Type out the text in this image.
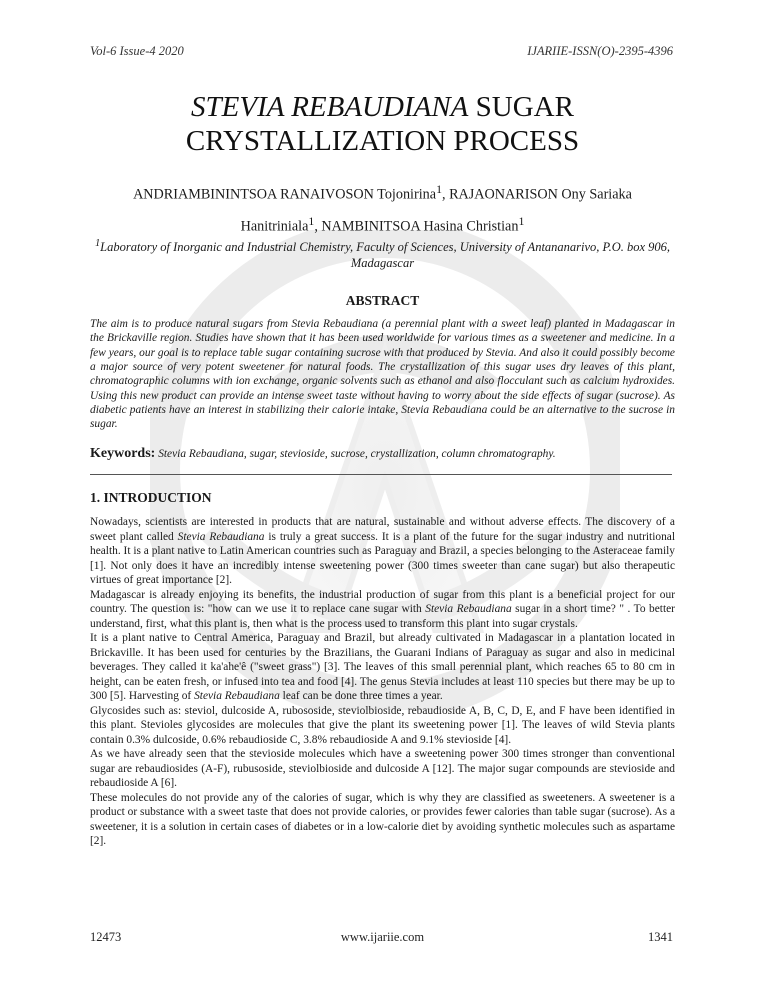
Vol-6 Issue-4 2020	IJARIIE-ISSN(O)-2395-4396
STEVIA REBAUDIANA SUGAR
CRYSTALLIZATION PROCESS
ANDRIAMBININTSOA RANAIVOSON Tojonirina$^1$, RAJAONARISON Ony Sariaka
Hanitriniala$^1$, NAMBINITSOA Hasina Christian$^1$
$^1$Laboratory of Inorganic and Industrial Chemistry, Faculty of Sciences, University of Antananarivo, P.O. box 906, Madagascar
ABSTRACT
The aim is to produce natural sugars from Stevia Rebaudiana (a perennial plant with a sweet leaf) planted in Madagascar in the Brickaville region. Studies have shown that it has been used worldwide for various times as a sweetener and medicine. In a few years, our goal is to replace table sugar containing sucrose with that produced by Stevia. And also it could possibly become a major source of very potent sweetener for natural foods. The crystallization of this sugar uses dry leaves of this plant, chromatographic columns with ion exchange, organic solvents such as ethanol and also flocculant such as calcium hydroxides. Using this new product can provide an intense sweet taste without having to worry about the side effects of sugar (sucrose). As diabetic patients have an interest in stabilizing their calorie intake, Stevia Rebaudiana could be an alternative to the sucrose in sugar.
Keywords: Stevia Rebaudiana, sugar, stevioside, sucrose, crystallization, column chromatography.
1. INTRODUCTION

Nowadays, scientists are interested in products that are natural, sustainable and without adverse effects. The discovery of a sweet plant called Stevia Rebaudiana is truly a great success. It is a plant of the future for the sugar industry and nutritional health. It is a plant native to Latin American countries such as Paraguay and Brazil, a species belonging to the Asteraceae family [1]. Not only does it have an incredibly intense sweetening power (300 times sweeter than cane sugar) but also therapeutic virtues of great importance [2].

Madagascar is already enjoying its benefits, the industrial production of sugar from this plant is a beneficial project for our country. The question is: "how can we use it to replace cane sugar with Stevia Rebaudiana sugar in a short time? " . To better understand, first, what this plant is, then what is the process used to transform this plant into sugar crystals.

It is a plant native to Central America, Paraguay and Brazil, but already cultivated in Madagascar in a plantation located in Brickaville. It has been used for centuries by the Brazilians, the Guarani Indians of Paraguay as sugar and also in medicinal beverages. They called it ka'ahe'ê ("sweet grass") [3]. The leaves of this small perennial plant, which reaches 65 to 80 cm in height, can be eaten fresh, or infused into tea and food [4]. The genus Stevia includes at least 110 species but there may be up to 300 [5]. Harvesting of Stevia Rebaudiana leaf can be done three times a year.

Glycosides such as: steviol, dulcoside A, rubososide, steviolbioside, rebaudioside A, B, C, D, E, and F have been identified in this plant. Stevioles glycosides are molecules that give the plant its sweetening power [1]. The leaves of wild Stevia plants contain 0.3% dulcoside, 0.6% rebaudioside C, 3.8% rebaudioside A and 9.1% stevioside [4].

As we have already seen that the stevioside molecules which have a sweetening power 300 times stronger than conventional sugar are rebaudiosides (A-F), rubusoside, steviolbioside and dulcoside A [12]. The major sugar compounds are stevioside and rebaudioside A [6].

These molecules do not provide any of the calories of sugar, which is why they are classified as sweeteners. A sweetener is a product or substance with a sweet taste that does not provide calories, or provides fewer calories than table sugar (sucrose). As a sweetener, it is a solution in certain cases of diabetes or in a low-calorie diet by avoiding synthetic molecules such as aspartame [2].

12473	www.ijariie.com	1341
